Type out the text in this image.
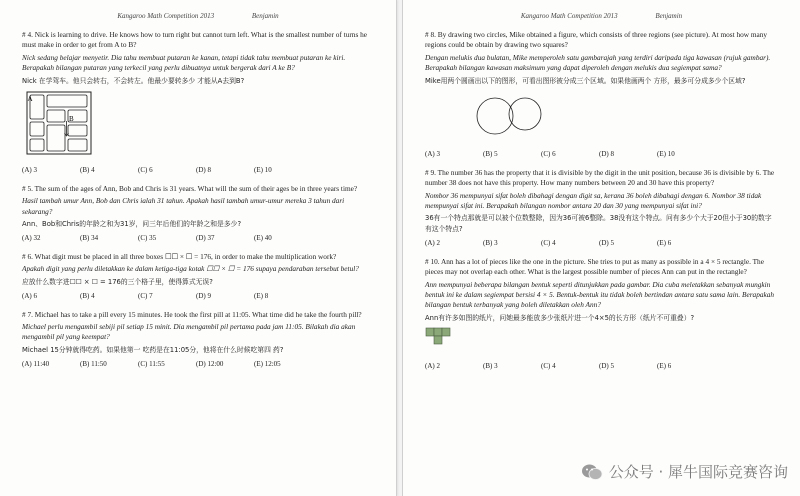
Kangaroo Math Competition 2013	Benjamin

# 4. Nick is learning to drive. He knows how to turn right but cannot turn left. What is the smallest number of turns he must make in order to get from A to B?

Nick sedang belajar menyetir. Dia tahu membuat putaran ke kanan, tetapi tidak tahu membuat putaran ke kiri. Berapakah bilangan putaran yang terkecil yang perlu dibuatnya untuk bergerak dari A ke B?

Nick 在学驾车。他只会转右，不会转左。他最少要转多少 才能从A去到B?

A
B
(A) 3	(B) 4	(C) 6	(D) 8	(E) 10

# 5. The sum of the ages of Ann, Bob and Chris is 31 years. What will the sum of their ages be in three years time?

Hasil tambah umur Ann, Bob dan Chris ialah 31 tahun. Apakah hasil tambah umur-umur mereka 3 tahun dari sekarang?

Ann、Bob和Chris的年龄之和为31岁，问三年后他们的年龄之和是多少?

(A) 32	(B) 34	(C) 35	(D) 37	(E) 40

# 6. What digit must be placed in all three boxes ☐☐ × ☐ = 176, in order to make the multiplication work?

Apakah digit yang perlu diletakkan ke dalam ketiga-tiga kotak ☐☐ × ☐ = 176 supaya pendaraban tersebut betul?

应放什么数字进☐☐ × ☐ = 176的三个格子里，使得算式无误?

(A) 6	(B) 4	(C) 7	(D) 9	(E) 8

# 7. Michael has to take a pill every 15 minutes. He took the first pill at 11:05. What time did he take the fourth pill?

Michael perlu mengambil sebiji pil setiap 15 minit. Dia mengambil pil pertama pada jam 11:05. Bilakah dia akan mengambil pil yang keempat?

Michael 15分钟就得吃药。如果他第一 吃药是在11:05分，他将在什么时候吃第四 药?

(A) 11:40	(B) 11:50	(C) 11:55	(D) 12:00	(E) 12:05
Kangaroo Math Competition 2013	Benjamin

# 8. By drawing two circles, Mike obtained a figure, which consists of three regions (see picture). At most how many regions could be obtain by drawing two squares?

Dengan melukis dua bulatan, Mike memperoleh satu gambarajah yang terdiri daripada tiga kawasan (rujuk gambar). Berapakah bilangan kawasan maksimum yang dapat diperoleh dengan melukis dua segiempat sama?

Mike用两个圆画出以下的图形，可看出图形被分成三个区域。如果他画两个 方形，最多可分成多少个区域?

(A) 3	(B) 5	(C) 6	(D) 8	(E) 10

# 9. The number 36 has the property that it is divisible by the digit in the unit position, because 36 is divisible by 6. The number 38 does not have this property. How many numbers between 20 and 30 have this property?

Nombor 36 mempunyai sifat boleh dibahagi dengan digit sa, kerana 36 boleh dibahagi dengan 6. Nombor 38 tidak mempunyai sifat ini. Berapakah bilangan nombor antara 20 dan 30 yang mempunyai sifat ini?

36有一个特点那就是可以被个位数整除，因为36可被6整除。38没有这个特点。问有多少个大于20但小于30的数字有这个特点?

(A) 2	(B) 3	(C) 4	(D) 5	(E) 6

# 10. Ann has a lot of pieces like the one in the picture. She tries to put as many as possible in a 4 × 5 rectangle. The pieces may not overlap each other. What is the largest possible number of pieces Ann can put in the rectangle?

Ann mempunyai beberapa bilangan bentuk seperti ditunjukkan pada gambar. Dia cuba meletakkan sebanyak mungkin bentuk ini ke dalam segiempat bersisi 4 × 5. Bentuk-bentuk itu tidak boleh bertindan antara satu sama lain. Berapakah bilangan bentuk terbanyak yang boleh diletakkan oleh Ann?

Ann有许多如图的纸片，问她最多能放多少张纸片进一个4×5的长方形（纸片不可重叠）?

(A) 2	(B) 3	(C) 4	(D) 5	(E) 6
公众号 · 犀牛国际竞赛咨询
